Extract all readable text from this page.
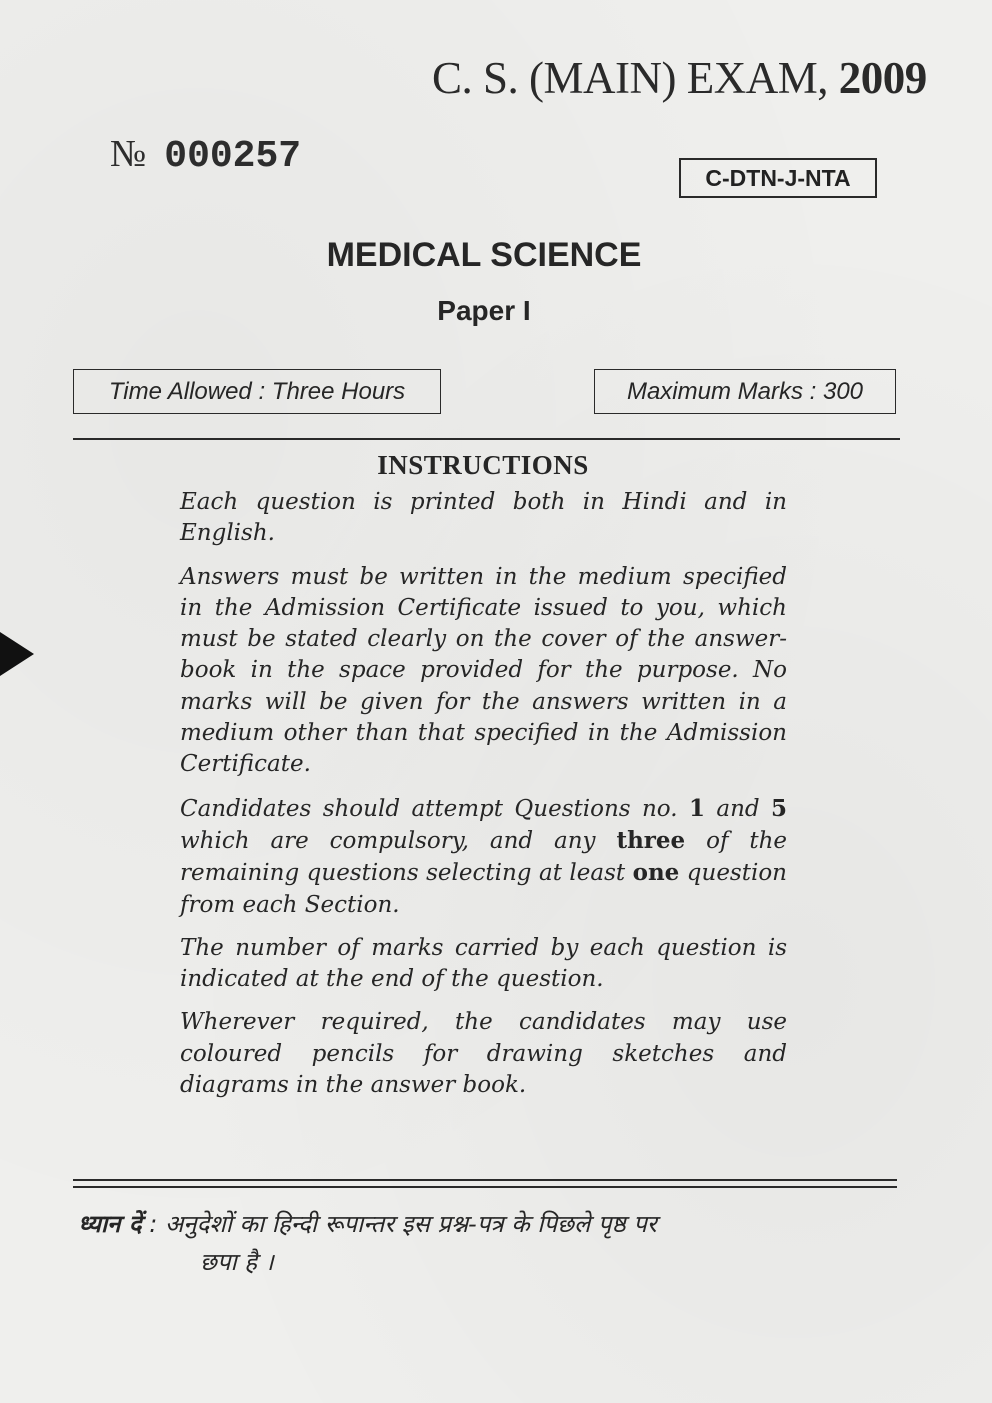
C. S. (MAIN) EXAM, 2009
№ 000257	C-DTN-J-NTA
MEDICAL SCIENCE
Paper I
Time Allowed : Three Hours	Maximum Marks : 300
INSTRUCTIONS

Each question is printed both in Hindi and in English.

Answers must be written in the medium specified in the Admission Certificate issued to you, which must be stated clearly on the cover of the answer-book in the space provided for the purpose. No marks will be given for the answers written in a medium other than that specified in the Admission Certificate.

Candidates should attempt Questions no. 1 and 5 which are compulsory, and any three of the remaining questions selecting at least one question from each Section.

The number of marks carried by each question is indicated at the end of the question.

Wherever required, the candidates may use coloured pencils for drawing sketches and diagrams in the answer book.

ध्यान दें : अनुदेशों का हिन्दी रूपान्तर इस प्रश्न-पत्र के पिछले पृष्ठ पर
छपा है ।
